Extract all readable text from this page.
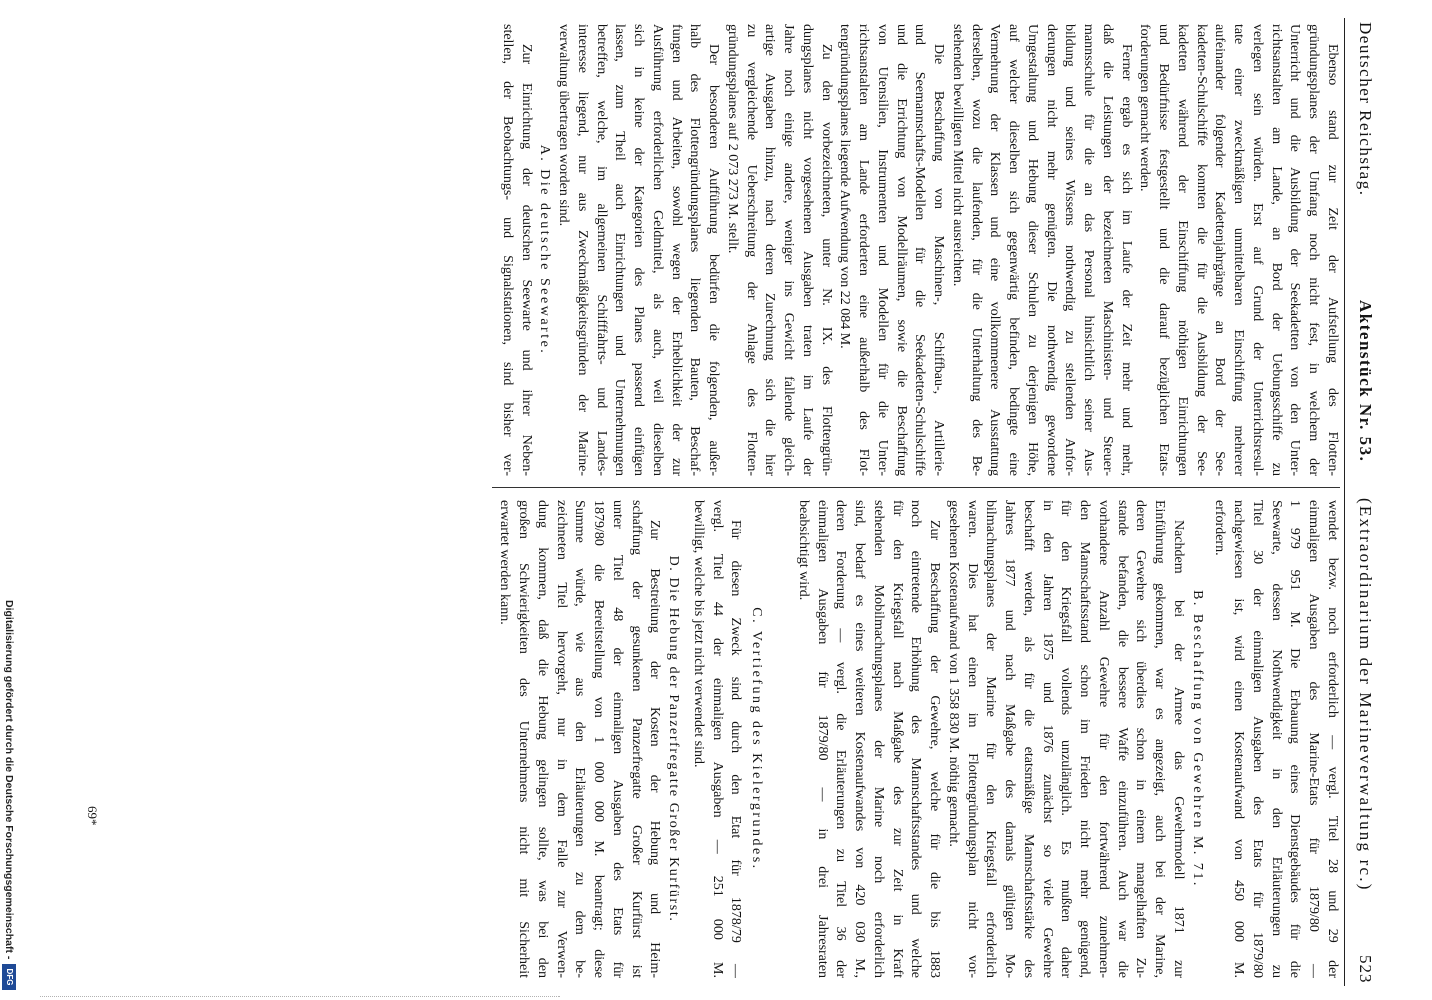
Deutscher Reichstag.
Aktenstück Nr. 53.
(Extraordinarium der Marineverwaltung rc.)
523
Ebenso stand zur Zeit der Aufstellung des Flotten-
gründungsplanes der Umfang noch nicht fest, in welchem der
Unterricht und die Ausbildung der Seekadetten von den Unter-
richtsanstalten am Lande, an Bord der Uebungsschiffe zu
verlegen sein würden. Erst auf Grund der Unterrichtsresul-
tate einer zweckmäßigen unmittelbaren Einschiffung mehrerer
aufeinander folgender Kadettenjahrgänge an Bord der See-
kadetten-Schulschiffe konnten die für die Ausbildung der See-
kadetten während der Einschiffung nöthigen Einrichtungen
und Bedürfnisse festgestellt und die darauf bezüglichen Etats-
forderungen gemacht werden.
Ferner ergab es sich im Laufe der Zeit mehr und mehr,
daß die Leistungen der bezeichneten Maschinisten- und Steuer-
mannsschule für die an das Personal hinsichtlich seiner Aus-
bildung und seines Wissens nothwendig zu stellenden Anfor-
derungen nicht mehr genügten. Die nothwendig gewordene
Umgestaltung und Hebung dieser Schulen zu derjenigen Höhe,
auf welcher dieselben sich gegenwärtig befinden, bedingte eine
Vermehrung der Klassen und eine vollkommenere Ausstattung
derselben, wozu die laufenden, für die Unterhaltung des Be-
stehenden bewilligten Mittel nicht ausreichten.
Die Beschaffung von Maschinen-, Schiffbau-, Artillerie-
und Seemannschafts-Modellen für die Seekadetten-Schulschiffe
und die Errichtung von Modellräumen, sowie die Beschaffung
von Utensilien, Instrumenten und Modellen für die Unter-
richtsanstalten am Lande erforderten eine außerhalb des Flot-
tengründungsplanes liegende Aufwendung von 22 084 M.
Zu den vorbezeichneten, unter Nr. IX. des Flottengrün-
dungsplanes nicht vorgesehenen Ausgaben traten im Laufe der
Jahre noch einige andere, weniger ins Gewicht fallende gleich-
artige Ausgaben hinzu, nach deren Zurechnung sich die hier
zu vergleichende Ueberschreitung der Anlage des Flotten-
gründungsplanes auf 2 073 273 M. stellt.
Der besonderen Aufführung bedürfen die folgenden, außer-
halb des Flottengründungsplanes liegenden Bauten, Beschaf-
fungen und Arbeiten, sowohl wegen der Erheblichkeit der zur
Ausführung erforderlichen Geldmittel, als auch, weil dieselben
sich in keine der Kategorien des Planes passend einfügen
lassen, zum Theil auch Einrichtungen und Unternehmungen
betreffen, welche, im allgemeinen Schifffahrts- und Landes-
interesse liegend, nur aus Zweckmäßigkeitsgründen der Marine-
verwaltung übertragen worden sind.
A. Die deutsche Seewarte.
Zur Einrichtung der deutschen Seewarte und ihrer Neben-
stellen, der Beobachtungs- und Signalstationen, sind bisher ver-
wendet bezw. noch erforderlich — vergl. Titel 28 und 29 der
einmaligen Ausgaben des Marine-Etats für 1879/80 —
1 979 951 M. Die Erbauung eines Dienstgebäudes für die
Seewarte, dessen Nothwendigkeit in den Erläuterungen zu
Titel 30 der einmaligen Ausgaben des Etats für 1879/80
nachgewiesen ist, wird einen Kostenaufwand von 450 000 M.
erfordern.
B. Beschaffung von Gewehren M. 71.
Nachdem bei der Armee das Gewehrmodell 1871 zur
Einführung gekommen, war es angezeigt, auch bei der Marine,
deren Gewehre sich überdies schon in einem mangelhaften Zu-
stande befanden, die bessere Waffe einzuführen. Auch war die
vorhandene Anzahl Gewehre für den fortwährend zunehmen-
den Mannschaftsstand schon im Frieden nicht mehr genügend,
für den Kriegsfall vollends unzulänglich. Es mußten daher
in den Jahren 1875 und 1876 zunächst so viele Gewehre
beschafft werden, als für die etatsmäßige Mannschaftsstärke des
Jahres 1877 und nach Maßgabe des damals gültigen Mo-
bilmachungsplanes der Marine für den Kriegsfall erforderlich
waren. Dies hat einen im Flottengründungsplan nicht vor-
gesehenen Kostenaufwand von 1 358 830 M. nöthig gemacht.
Zur Beschaffung der Gewehre, welche für die bis 1883
noch eintretende Erhöhung des Mannschaftsstandes und welche
für den Kriegsfall nach Maßgabe des zur Zeit in Kraft
stehenden Mobilmachungsplanes der Marine noch erforderlich
sind, bedarf es eines weiteren Kostenaufwandes von 420 030 M.,
deren Forderung — vergl. die Erläuterungen zu Titel 36 der
einmaligen Ausgaben für 1879/80 — in drei Jahresraten
beabsichtigt wird.
C. Vertiefung des Kielergrundes.
Für diesen Zweck sind durch den Etat für 1878/79 —
vergl. Titel 44 der einmaligen Ausgaben — 251 000 M.
bewilligt, welche bis jetzt nicht verwendet sind.
D. Die Hebung der Panzerfregatte Großer Kurfürst.
Zur Bestreitung der Kosten der Hebung und Heim-
schaffung der gesunkenen Panzerfregatte Großer Kurfürst ist
unter Titel 48 der einmaligen Ausgaben des Etats für
1879/80 die Bereitstellung von 1 000 000 M. beantragt; diese
Summe würde, wie aus den Erläuterungen zu dem be-
zeichneten Titel hervorgeht, nur in dem Falle zur Verwen-
dung kommen, daß die Hebung gelingen sollte, was bei den
großen Schwierigkeiten des Unternehmens nicht mit Sicherheit
erwartet werden kann.
69*
Digitalisierung gefördert durch die Deutsche Forschungsgemeinschaft -
DFG
